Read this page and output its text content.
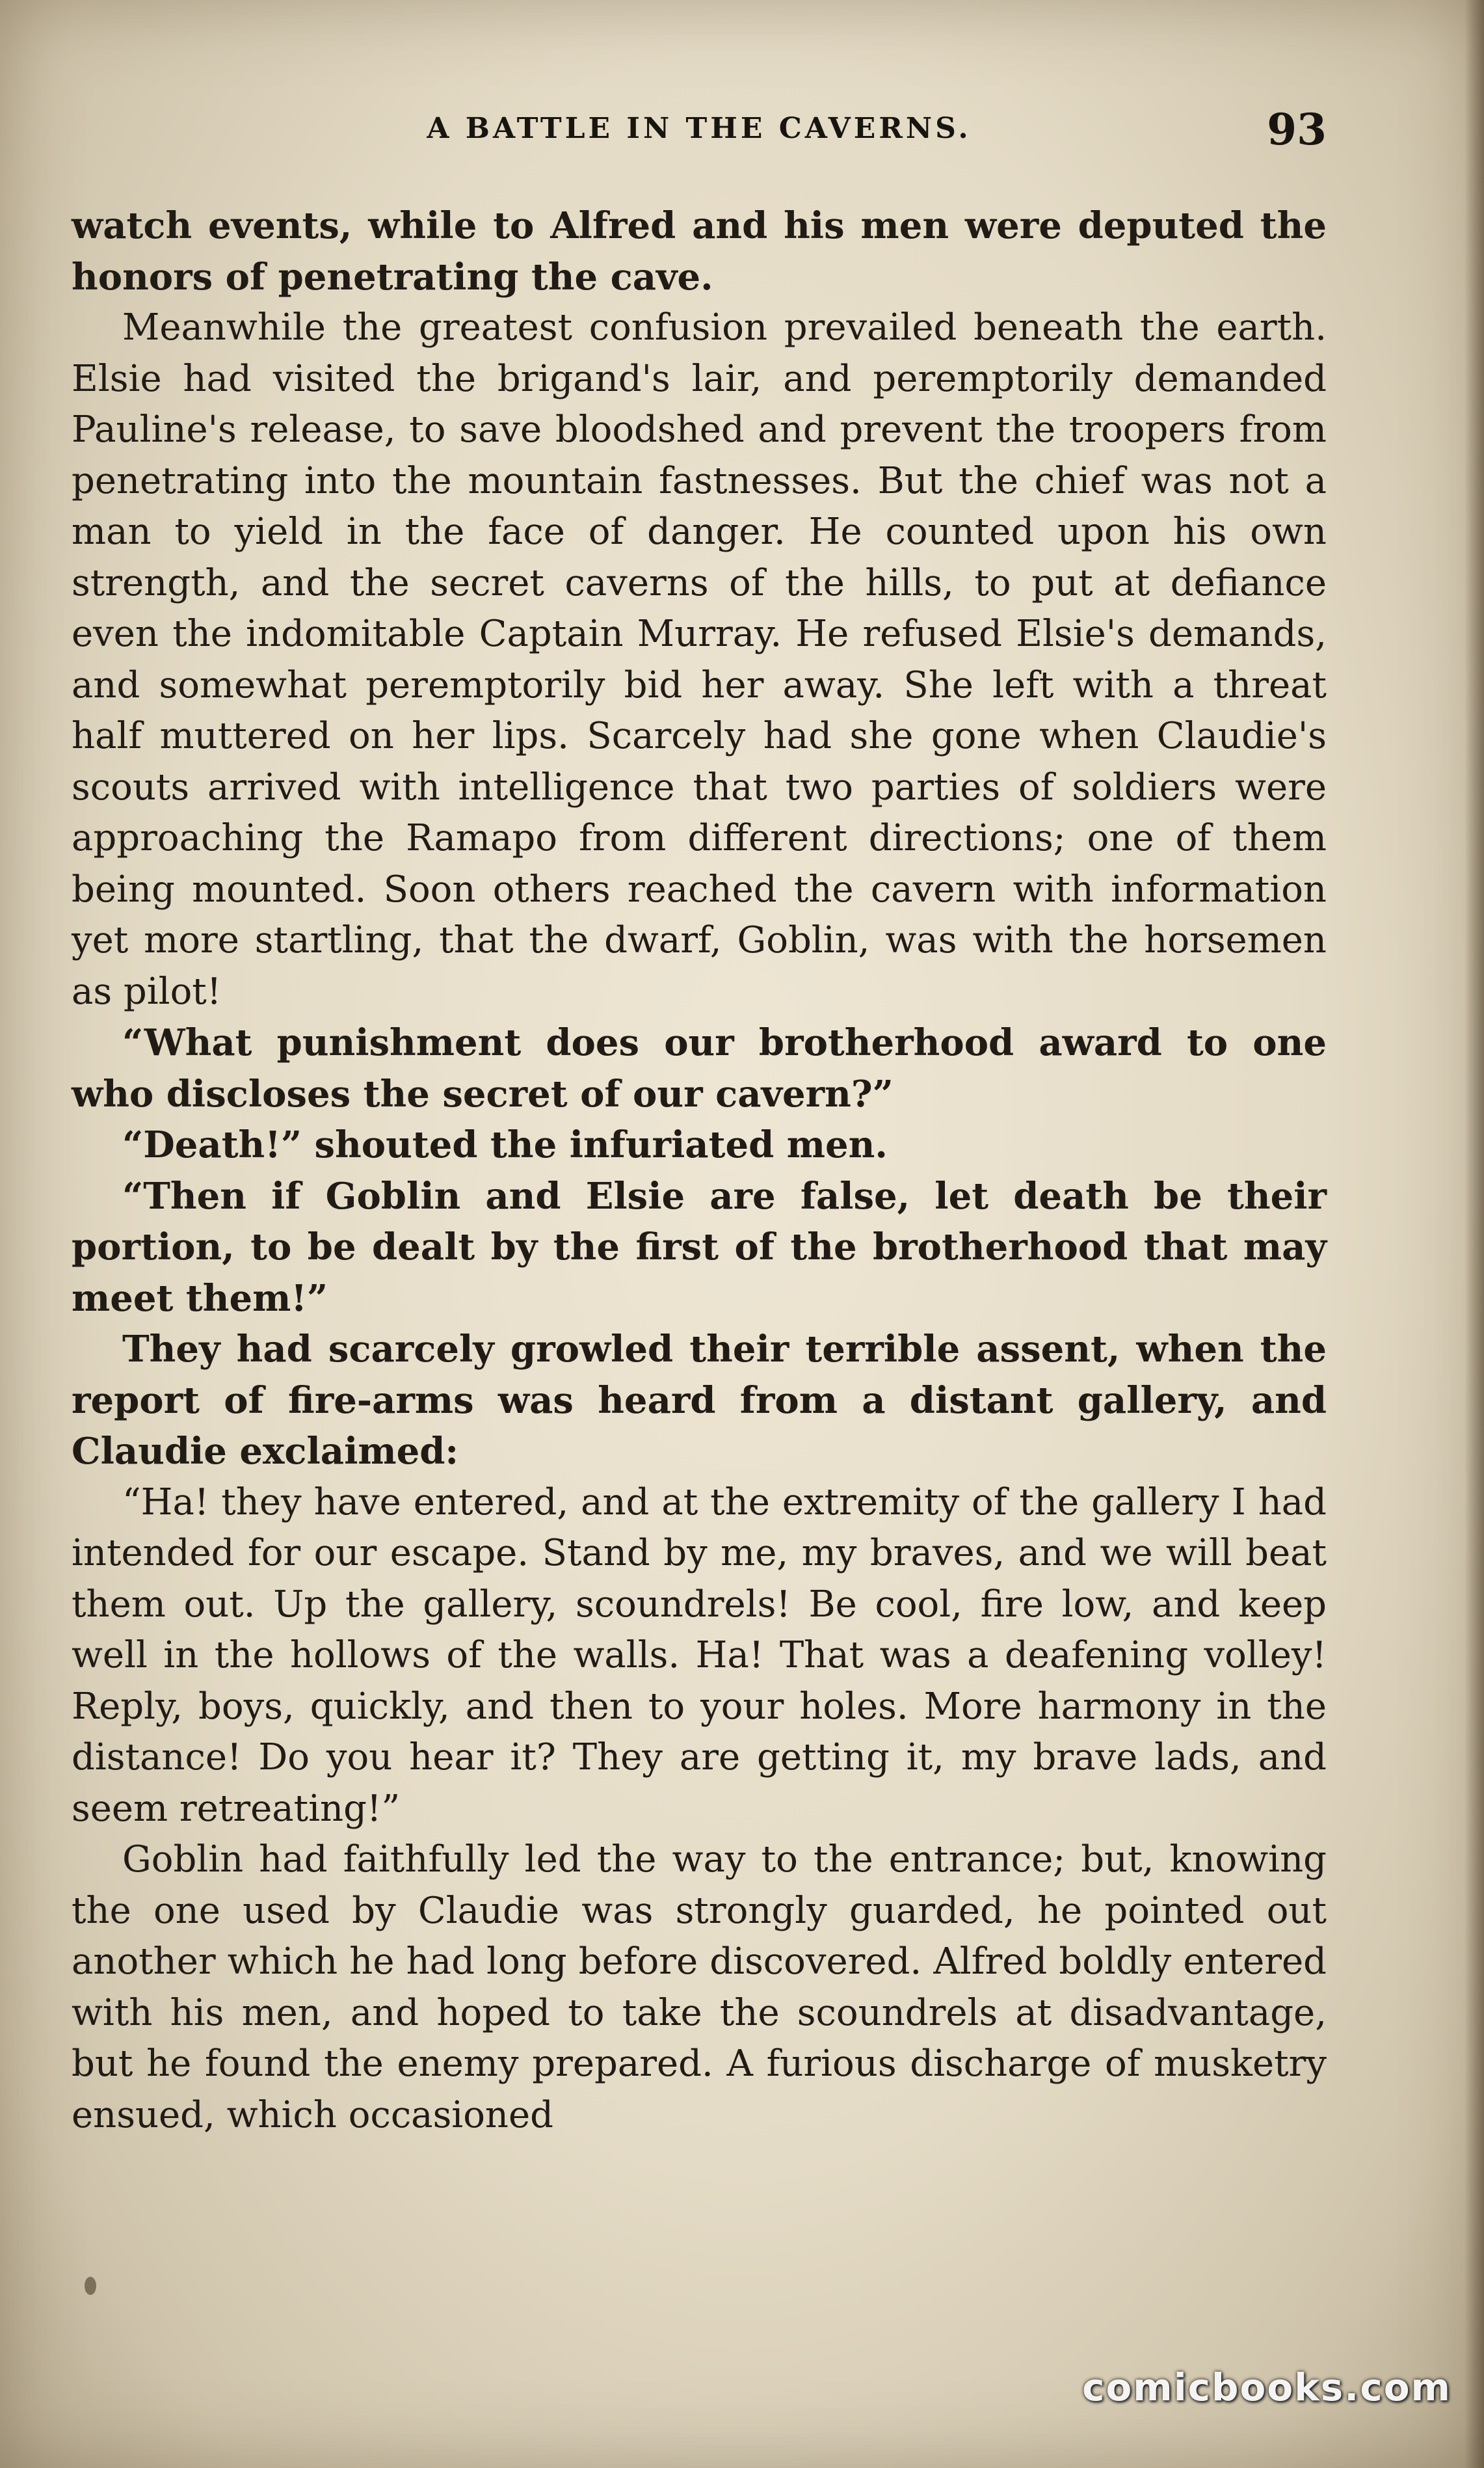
A BATTLE IN THE CAVERNS.	93

watch events, while to Alfred and his men were deputed the honors of penetrating the cave.

Meanwhile the greatest confusion prevailed beneath the earth. Elsie had visited the brigand's lair, and peremptorily demanded Pauline's release, to save bloodshed and prevent the troopers from penetrating into the mountain fastnesses. But the chief was not a man to yield in the face of danger. He counted upon his own strength, and the secret caverns of the hills, to put at defiance even the indomitable Captain Murray. He refused Elsie's demands, and somewhat peremptorily bid her away. She left with a threat half muttered on her lips. Scarcely had she gone when Claudie's scouts arrived with intelligence that two parties of soldiers were approaching the Ramapo from different directions; one of them being mounted. Soon others reached the cavern with information yet more startling, that the dwarf, Goblin, was with the horsemen as pilot!

“What punishment does our brotherhood award to one who discloses the secret of our cavern?”

“Death!” shouted the infuriated men.

“Then if Goblin and Elsie are false, let death be their portion, to be dealt by the first of the brotherhood that may meet them!”

They had scarcely growled their terrible assent, when the report of fire-arms was heard from a distant gallery, and Claudie exclaimed:

“Ha! they have entered, and at the extremity of the gallery I had intended for our escape. Stand by me, my braves, and we will beat them out. Up the gallery, scoundrels! Be cool, fire low, and keep well in the hollows of the walls. Ha! That was a deafening volley! Reply, boys, quickly, and then to your holes. More harmony in the distance! Do you hear it? They are getting it, my brave lads, and seem retreating!”

Goblin had faithfully led the way to the entrance; but, knowing the one used by Claudie was strongly guarded, he pointed out another which he had long before discovered. Alfred boldly entered with his men, and hoped to take the scoundrels at disadvantage, but he found the enemy prepared. A furious discharge of musketry ensued, which occasioned

comicbooks.com
